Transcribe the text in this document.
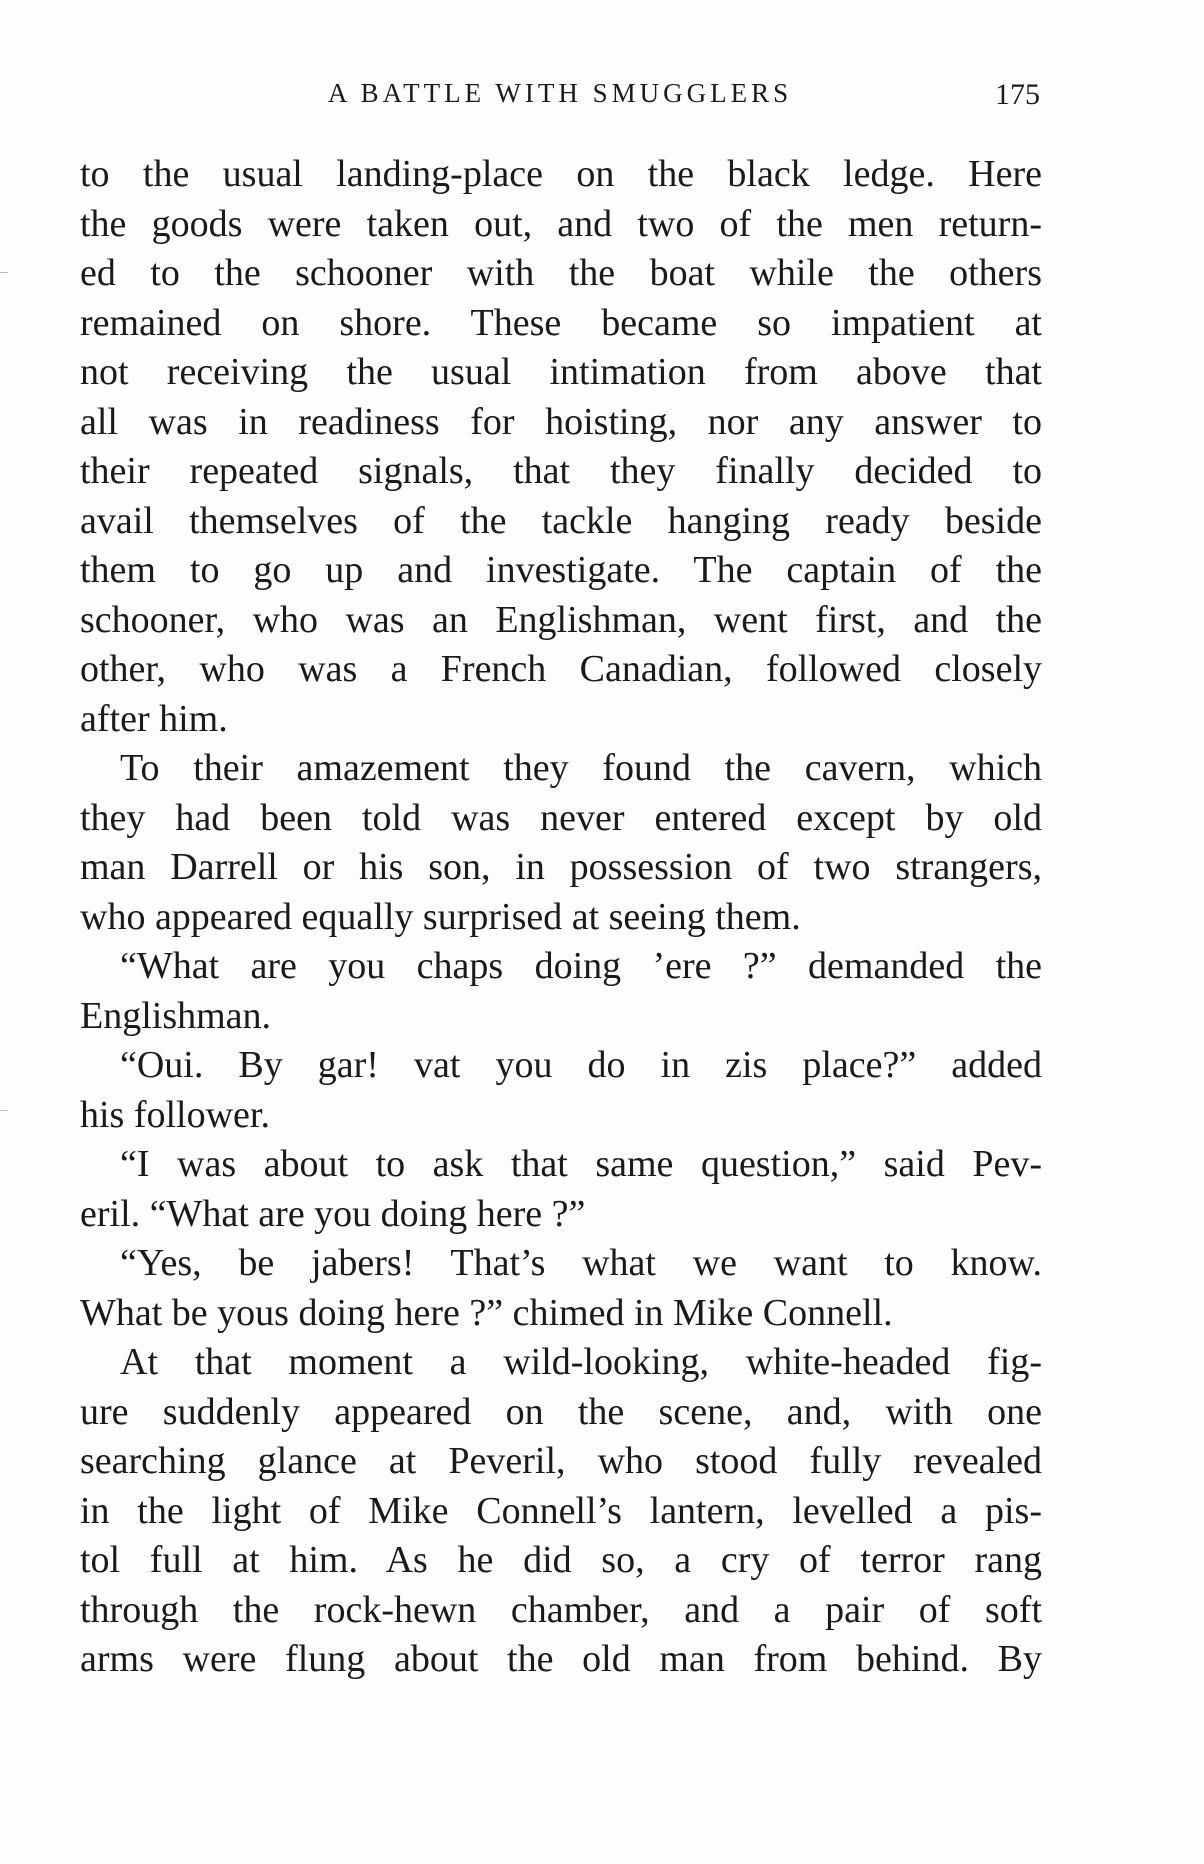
A BATTLE WITH SMUGGLERS	175
to the usual landing-place on the black ledge. Here
the goods were taken out, and two of the men return-
ed to the schooner with the boat while the others
remained on shore. These became so impatient at
not receiving the usual intimation from above that
all was in readiness for hoisting, nor any answer to
their repeated signals, that they finally decided to
avail themselves of the tackle hanging ready beside
them to go up and investigate. The captain of the
schooner, who was an Englishman, went first, and the
other, who was a French Canadian, followed closely
after him.
To their amazement they found the cavern, which
they had been told was never entered except by old
man Darrell or his son, in possession of two strangers,
who appeared equally surprised at seeing them.
“What are you chaps doing ’ere ?” demanded the
Englishman.
“Oui. By gar! vat you do in zis place?” added
his follower.
“I was about to ask that same question,” said Pev-
eril. “What are you doing here ?”
“Yes, be jabers! That’s what we want to know.
What be yous doing here ?” chimed in Mike Connell.
At that moment a wild-looking, white-headed fig-
ure suddenly appeared on the scene, and, with one
searching glance at Peveril, who stood fully revealed
in the light of Mike Connell’s lantern, levelled a pis-
tol full at him. As he did so, a cry of terror rang
through the rock-hewn chamber, and a pair of soft
arms were flung about the old man from behind. By
